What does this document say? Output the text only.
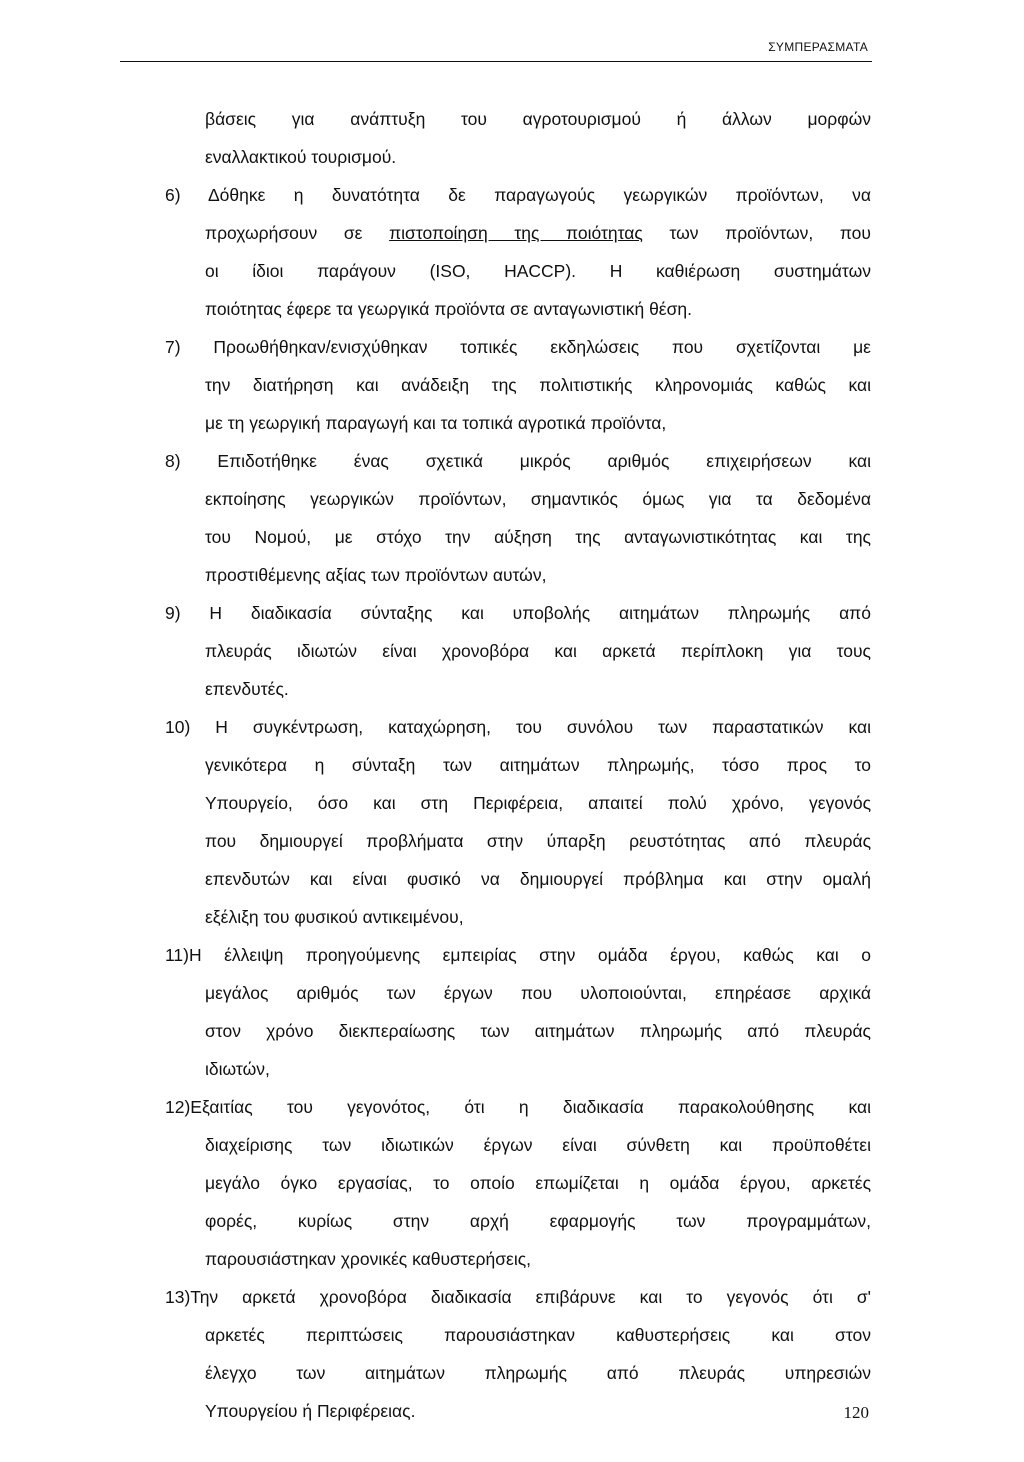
ΣΥΜΠΕΡΑΣΜΑΤΑ
βάσεις για ανάπτυξη του αγροτουρισμού ή άλλων μορφών
εναλλακτικού τουρισμού.
6) Δόθηκε η δυνατότητα δε παραγωγούς γεωργικών προϊόντων, να
προχωρήσουν σε πιστοποίηση της ποιότητας των προϊόντων, που
οι ίδιοι παράγουν (ISO, HACCP). Η καθιέρωση συστημάτων
ποιότητας έφερε τα γεωργικά προϊόντα σε ανταγωνιστική θέση.
7) Προωθήθηκαν/ενισχύθηκαν τοπικές εκδηλώσεις που σχετίζονται με
την διατήρηση και ανάδειξη της πολιτιστικής κληρονομιάς καθώς και
με τη γεωργική παραγωγή και τα τοπικά αγροτικά προϊόντα,
8) Επιδοτήθηκε ένας σχετικά μικρός αριθμός επιχειρήσεων και
εκποίησης γεωργικών προϊόντων, σημαντικός όμως για τα δεδομένα
του Νομού, με στόχο την αύξηση της ανταγωνιστικότητας και της
προστιθέμενης αξίας των προϊόντων αυτών,
9) Η διαδικασία σύνταξης και υποβολής αιτημάτων πληρωμής από
πλευράς ιδιωτών είναι χρονοβόρα και αρκετά περίπλοκη για τους
επενδυτές.
10) Η συγκέντρωση, καταχώρηση, του συνόλου των παραστατικών και
γενικότερα η σύνταξη των αιτημάτων πληρωμής, τόσο προς το
Υπουργείο, όσο και στη Περιφέρεια, απαιτεί πολύ χρόνο, γεγονός
που δημιουργεί προβλήματα στην ύπαρξη ρευστότητας από πλευράς
επενδυτών και είναι φυσικό να δημιουργεί πρόβλημα και στην ομαλή
εξέλιξη του φυσικού αντικειμένου,
11)Η έλλειψη προηγούμενης εμπειρίας στην ομάδα έργου, καθώς και ο
μεγάλος αριθμός των έργων που υλοποιούνται, επηρέασε αρχικά
στον χρόνο διεκπεραίωσης των αιτημάτων πληρωμής από πλευράς
ιδιωτών,
12)Εξαιτίας του γεγονότος, ότι η διαδικασία παρακολούθησης και
διαχείρισης των ιδιωτικών έργων είναι σύνθετη και προϋποθέτει
μεγάλο όγκο εργασίας, το οποίο επωμίζεται η ομάδα έργου, αρκετές
φορές, κυρίως στην αρχή εφαρμογής των προγραμμάτων,
παρουσιάστηκαν χρονικές καθυστερήσεις,
13)Την αρκετά χρονοβόρα διαδικασία επιβάρυνε και το γεγονός ότι σ'
αρκετές περιπτώσεις παρουσιάστηκαν καθυστερήσεις και στον
έλεγχο των αιτημάτων πληρωμής από πλευράς υπηρεσιών
Υπουργείου ή Περιφέρειας.	120
